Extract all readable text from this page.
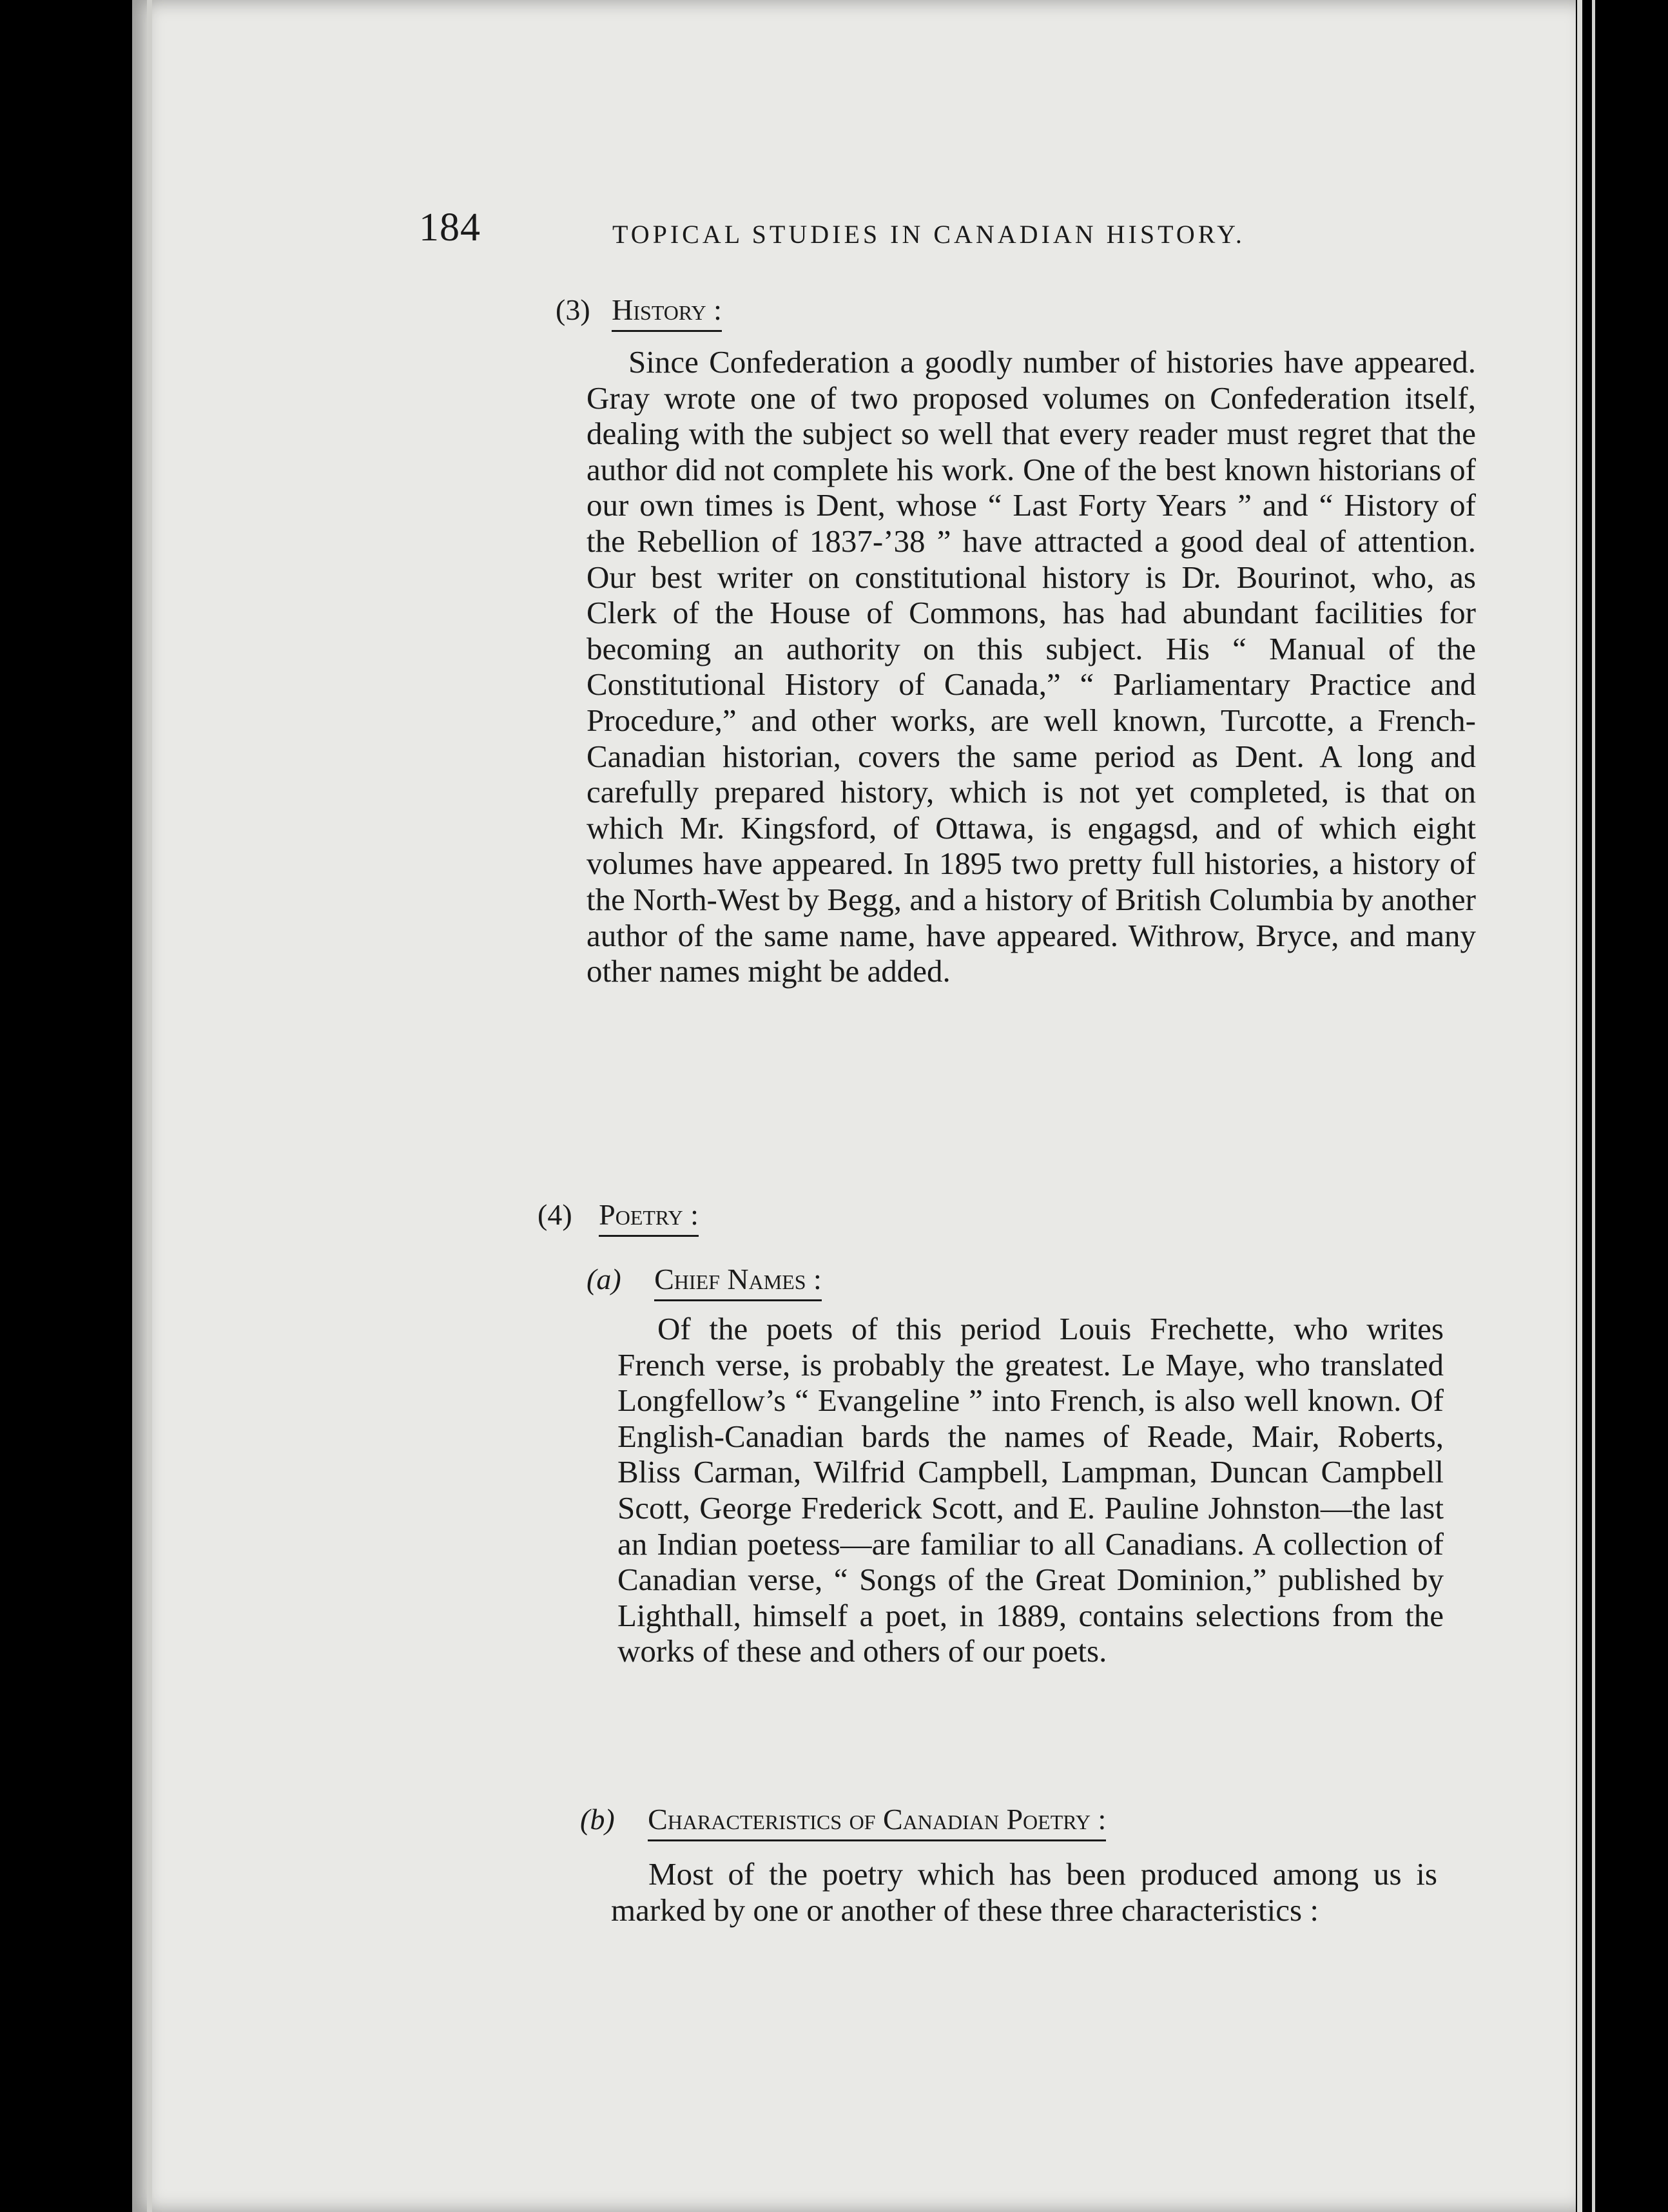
184	TOPICAL STUDIES IN CANADIAN HISTORY.
(3) History :

Since Confederation a goodly number of histories have appeared. Gray wrote one of two proposed volumes on Confederation itself, dealing with the subject so well that every reader must regret that the author did not complete his work. One of the best known historians of our own times is Dent, whose “ Last Forty Years ” and “ History of the Rebellion of 1837-’38 ” have attracted a good deal of attention. Our best writer on constitutional history is Dr. Bourinot, who, as Clerk of the House of Commons, has had abundant facilities for becoming an authority on this subject. His “ Manual of the Constitutional History of Canada,” “ Parliamentary Practice and Procedure,” and other works, are well known, Turcotte, a French-Canadian historian, covers the same period as Dent. A long and carefully prepared history, which is not yet completed, is that on which Mr. Kingsford, of Ottawa, is engagsd, and of which eight volumes have appeared. In 1895 two pretty full histories, a history of the North-West by Begg, and a history of British Columbia by another author of the same name, have appeared. Withrow, Bryce, and many other names might be added.

(4) Poetry :
(a) Chief Names :

Of the poets of this period Louis Frechette, who writes French verse, is probably the greatest. Le Maye, who translated Longfellow’s “ Evangeline ” into French, is also well known. Of English-Canadian bards the names of Reade, Mair, Roberts, Bliss Carman, Wilfrid Campbell, Lampman, Duncan Campbell Scott, George Frederick Scott, and E. Pauline Johnston—the last an Indian poetess—are familiar to all Canadians. A collection of Canadian verse, “ Songs of the Great Dominion,” published by Lighthall, himself a poet, in 1889, contains selections from the works of these and others of our poets.

(b) Characteristics of Canadian Poetry :

Most of the poetry which has been produced among us is marked by one or another of these three characteristics :
